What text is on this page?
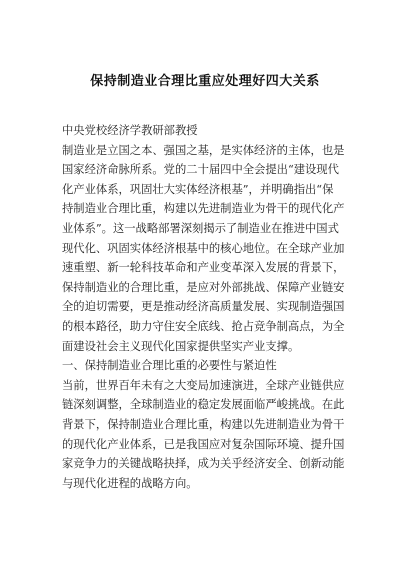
保持制造业合理比重应处理好四大关系
中央党校经济学教研部教授
制造业是立国之本、强国之基，是实体经济的主体，也是
国家经济命脉所系。党的二十届四中全会提出“建设现代
化产业体系，巩固壮大实体经济根基”，并明确指出“保
持制造业合理比重，构建以先进制造业为骨干的现代化产
业体系”。这一战略部署深刻揭示了制造业在推进中国式
现代化、巩固实体经济根基中的核心地位。在全球产业加
速重塑、新一轮科技革命和产业变革深入发展的背景下，
保持制造业的合理比重，是应对外部挑战、保障产业链安
全的迫切需要，更是推动经济高质量发展、实现制造强国
的根本路径，助力守住安全底线、抢占竞争制高点，为全
面建设社会主义现代化国家提供坚实产业支撑。
一、保持制造业合理比重的必要性与紧迫性
当前，世界百年未有之大变局加速演进，全球产业链供应
链深刻调整，全球制造业的稳定发展面临严峻挑战。在此
背景下，保持制造业合理比重，构建以先进制造业为骨干
的现代化产业体系，已是我国应对复杂国际环境、提升国
家竞争力的关键战略抉择，成为关乎经济安全、创新动能
与现代化进程的战略方向。
